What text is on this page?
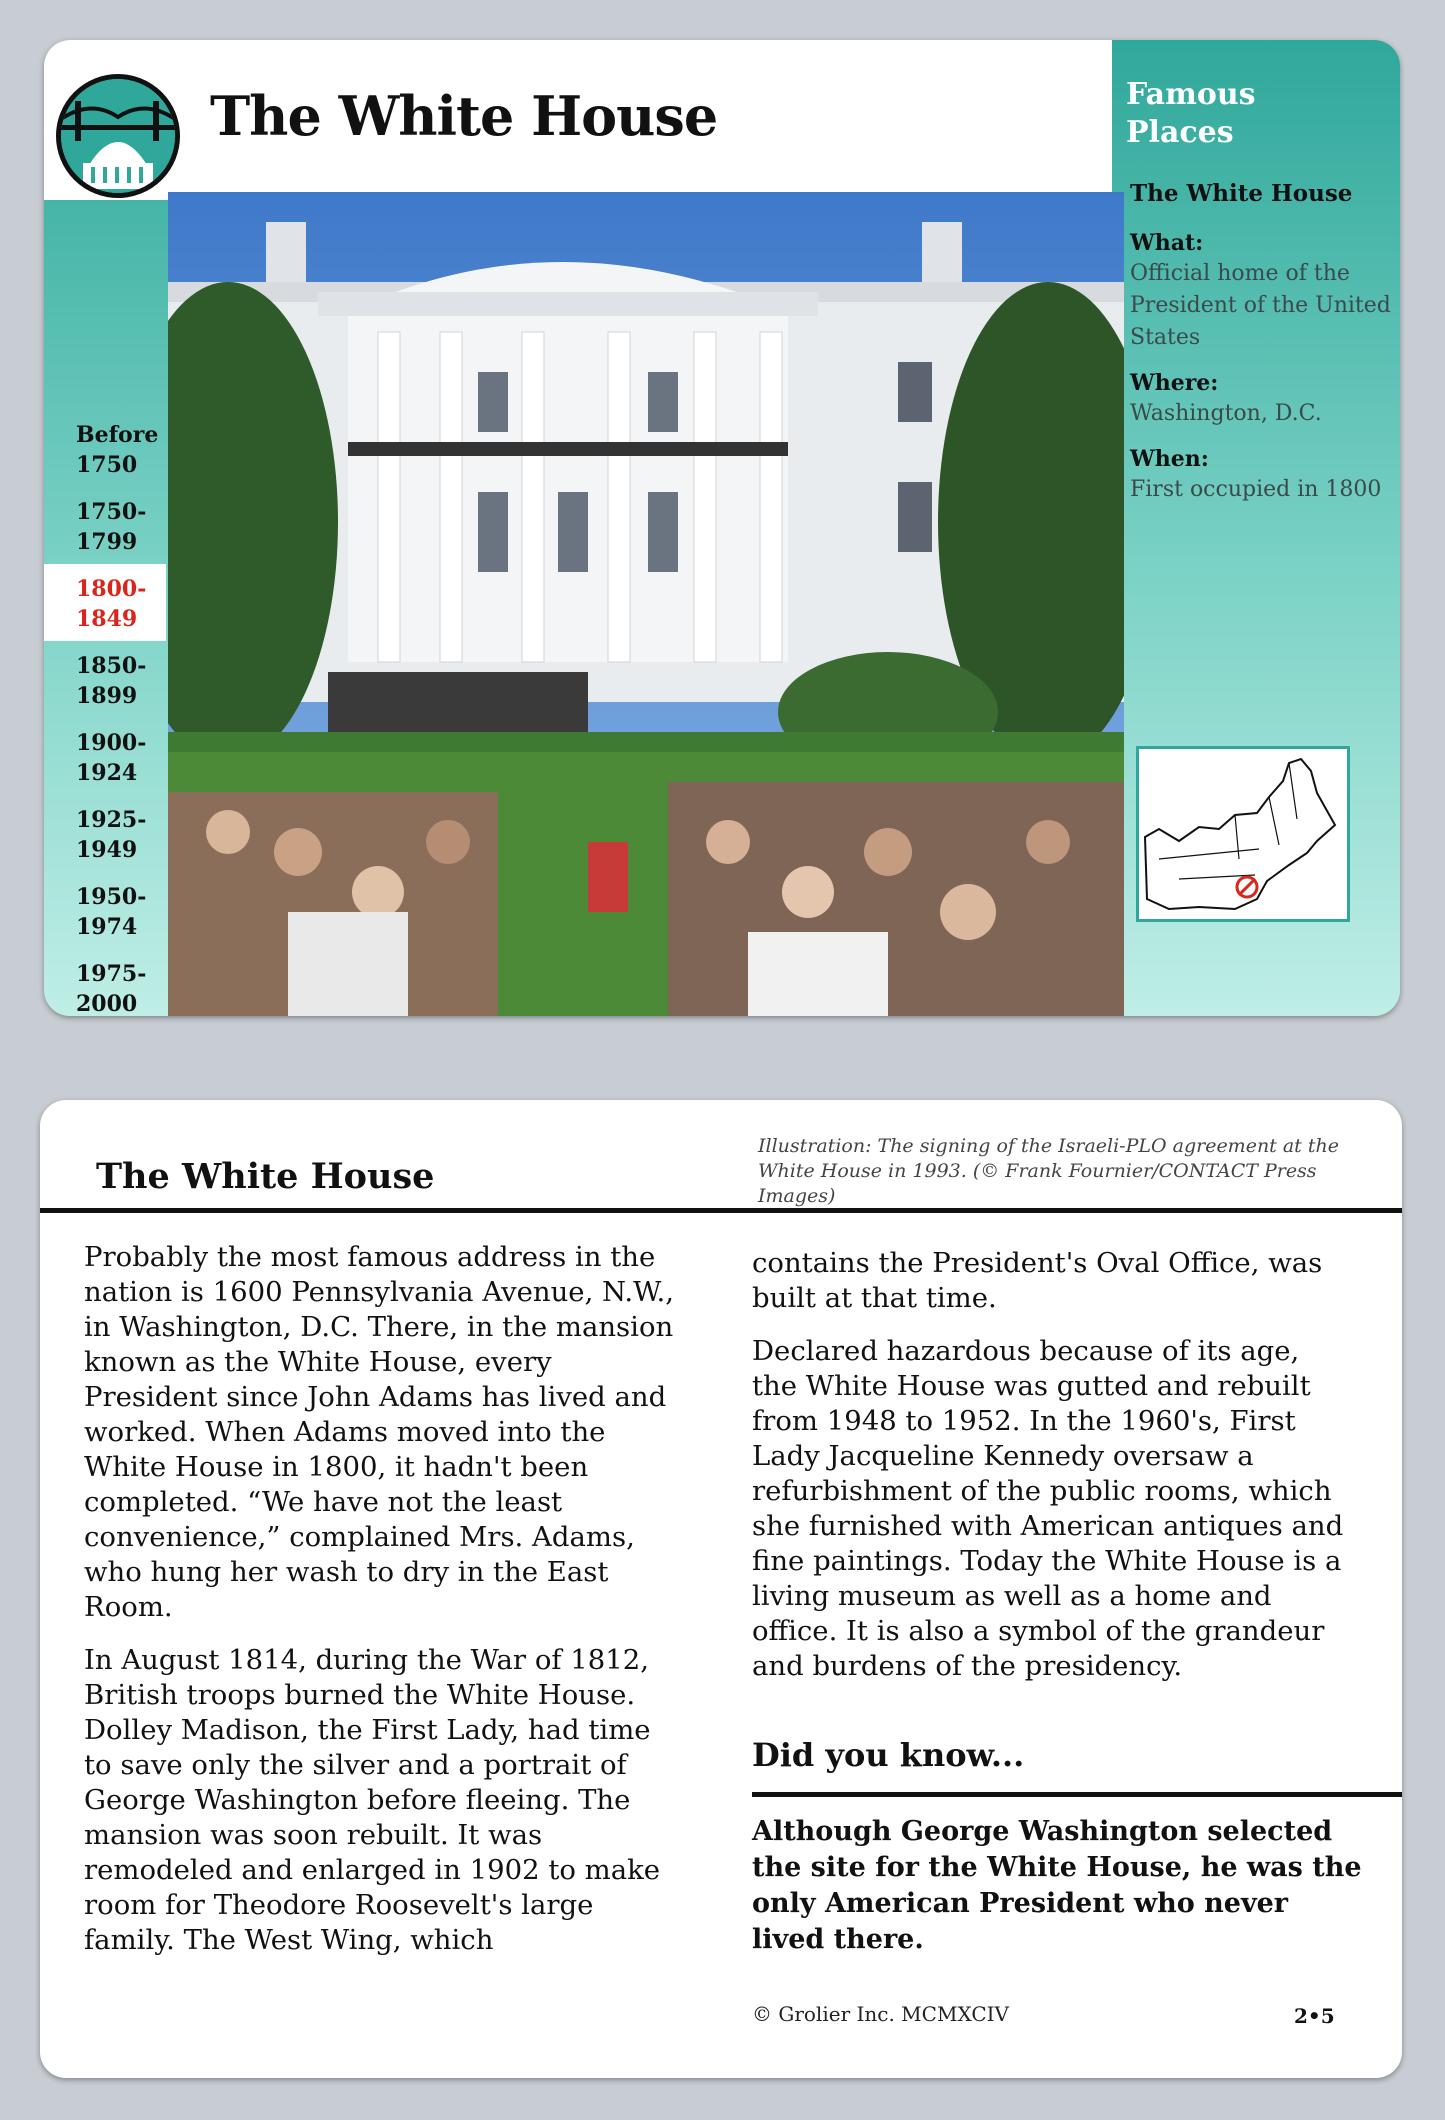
The White House
Before
1750
1750-
1799
1800-
1849
1850-
1899
1900-
1924
1925-
1949
1950-
1974
1975-
2000
Famous
Places
The White House
What:
Official home of the President of the United States
Where:
Washington, D.C.
When:
First occupied in 1800
The White House
Illustration: The signing of the Israeli-PLO agreement at the White House in 1993. (© Frank Fournier/CONTACT Press Images)

Probably the most famous address in the nation is 1600 Pennsylvania Avenue, N.W., in Washington, D.C. There, in the mansion known as the White House, every President since John Adams has lived and worked. When Adams moved into the White House in 1800, it hadn't been completed. “We have not the least convenience,” complained Mrs. Adams, who hung her wash to dry in the East Room.

In August 1814, during the War of 1812, British troops burned the White House. Dolley Madison, the First Lady, had time to save only the silver and a portrait of George Washington before fleeing. The mansion was soon rebuilt. It was remodeled and enlarged in 1902 to make room for Theodore Roosevelt's large family. The West Wing, which

contains the President's Oval Office, was built at that time.

Declared hazardous because of its age, the White House was gutted and rebuilt from 1948 to 1952. In the 1960's, First Lady Jacqueline Kennedy oversaw a refurbishment of the public rooms, which she furnished with American antiques and fine paintings. Today the White House is a living museum as well as a home and office. It is also a symbol of the grandeur and burdens of the presidency.

Did you know...
Although George Washington selected the site for the White House, he was the only American President who never lived there.
© Grolier Inc. MCMXCIV	2•5
